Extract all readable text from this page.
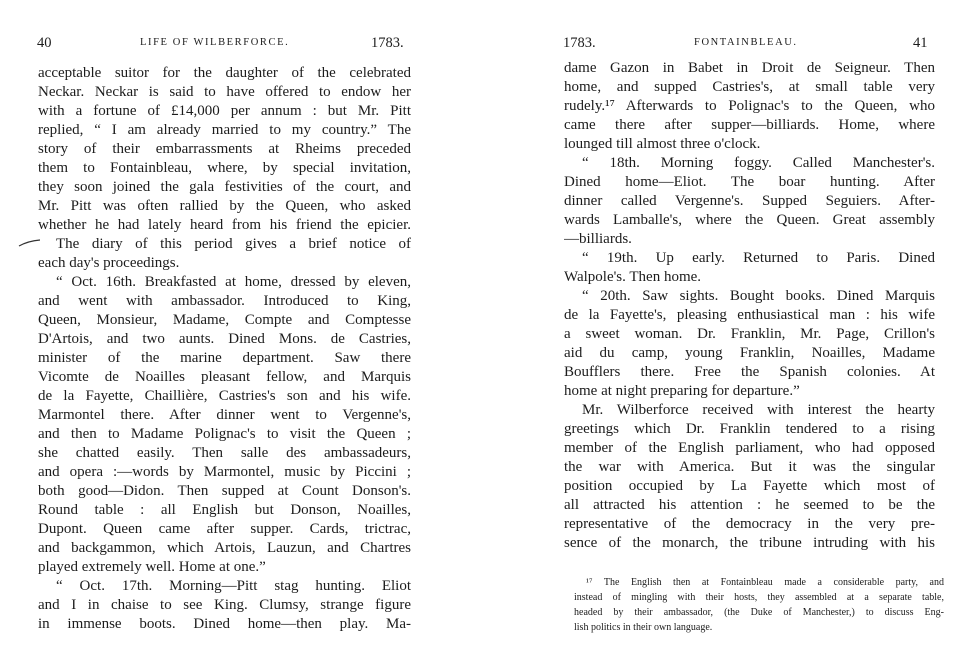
40	LIFE OF WILBERFORCE.	1783.

acceptable suitor for the daughter of the celebrated

Neckar. Neckar is said to have offered to endow her

with a fortune of £14,000 per annum : but Mr. Pitt

replied, “ I am already married to my country.” The

story of their embarrassments at Rheims preceded

them to Fontainbleau, where, by special invitation,

they soon joined the gala festivities of the court, and

Mr. Pitt was often rallied by the Queen, who asked

whether he had lately heard from his friend the epicier.

The diary of this period gives a brief notice of

each day's proceedings.

“ Oct. 16th. Breakfasted at home, dressed by eleven,

and went with ambassador. Introduced to King,

Queen, Monsieur, Madame, Compte and Comptesse

D'Artois, and two aunts. Dined Mons. de Castries,

minister of the marine department. Saw there

Vicomte de Noailles pleasant fellow, and Marquis

de la Fayette, Chaillière, Castries's son and his wife.

Marmontel there. After dinner went to Vergenne's,

and then to Madame Polignac's to visit the Queen ;

she chatted easily. Then salle des ambassadeurs,

and opera :—words by Marmontel, music by Piccini ;

both good—Didon. Then supped at Count Donson's.

Round table : all English but Donson, Noailles,

Dupont. Queen came after supper. Cards, trictrac,

and backgammon, which Artois, Lauzun, and Chartres

played extremely well. Home at one.”

“ Oct. 17th. Morning—Pitt stag hunting. Eliot

and I in chaise to see King. Clumsy, strange figure

in immense boots. Dined home—then play. Ma-

1783.	FONTAINBLEAU.	41

dame Gazon in Babet in Droit de Seigneur. Then

home, and supped Castries's, at small table very

rudely.¹⁷ Afterwards to Polignac's to the Queen, who

came there after supper—billiards. Home, where

lounged till almost three o'clock.

“ 18th. Morning foggy. Called Manchester's.

Dined home—Eliot. The boar hunting. After

dinner called Vergenne's. Supped Seguiers. After-

wards Lamballe's, where the Queen. Great assembly

—billiards.

“ 19th. Up early. Returned to Paris. Dined

Walpole's. Then home.

“ 20th. Saw sights. Bought books. Dined Marquis

de la Fayette's, pleasing enthusiastical man : his wife

a sweet woman. Dr. Franklin, Mr. Page, Crillon's

aid du camp, young Franklin, Noailles, Madame

Boufflers there. Free the Spanish colonies. At

home at night preparing for departure.”

Mr. Wilberforce received with interest the hearty

greetings which Dr. Franklin tendered to a rising

member of the English parliament, who had opposed

the war with America. But it was the singular

position occupied by La Fayette which most of

all attracted his attention : he seemed to be the

representative of the democracy in the very pre-

sence of the monarch, the tribune intruding with his

¹⁷ The English then at Fontainbleau made a considerable party, and

instead of mingling with their hosts, they assembled at a separate table,

headed by their ambassador, (the Duke of Manchester,) to discuss Eng-

lish politics in their own language.
